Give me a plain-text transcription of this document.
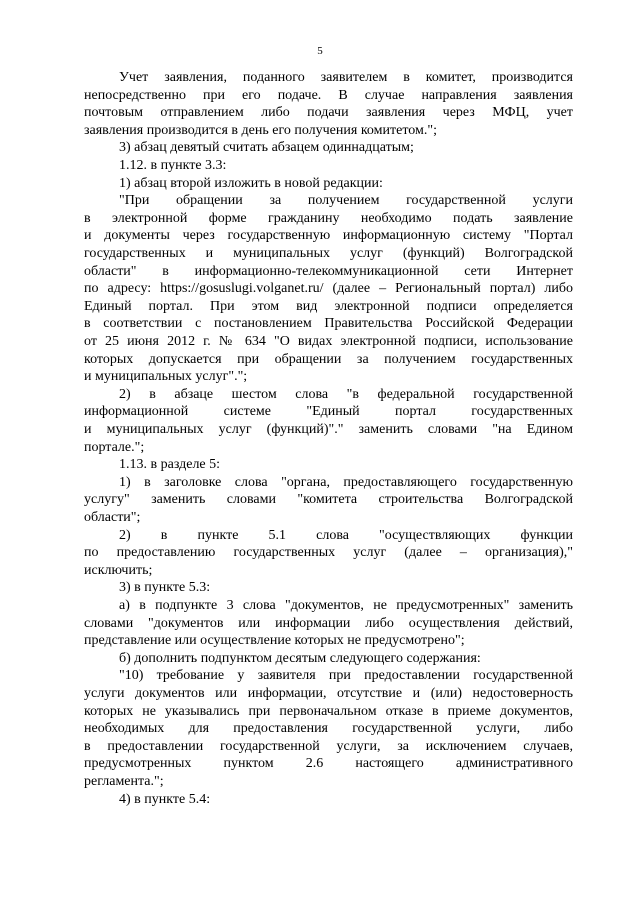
5
Учет заявления, поданного заявителем в комитет, производится
непосредственно при его подаче. В случае направления заявления
почтовым отправлением либо подачи заявления через МФЦ, учет
заявления производится в день его получения комитетом.";
3) абзац девятый считать абзацем одиннадцатым;
1.12. в пункте 3.3:
1) абзац второй изложить в новой редакции:
"При обращении за получением государственной услуги
в электронной форме гражданину необходимо подать заявление
и документы через государственную информационную систему "Портал
государственных и муниципальных услуг (функций) Волгоградской
области" в информационно-телекоммуникационной сети Интернет
по адресу: https://gosuslugi.volganet.ru/ (далее – Региональный портал) либо
Единый портал. При этом вид электронной подписи определяется
в соответствии с постановлением Правительства Российской Федерации
от 25 июня 2012 г. № 634 "О видах электронной подписи, использование
которых допускается при обращении за получением государственных
и муниципальных услуг".";
2) в абзаце шестом слова "в федеральной государственной
информационной системе "Единый портал государственных
и муниципальных услуг (функций)"." заменить словами "на Едином
портале.";
1.13. в разделе 5:
1) в заголовке слова "органа, предоставляющего государственную
услугу" заменить словами "комитета строительства Волгоградской
области";
2) в пункте 5.1 слова "осуществляющих функции
по предоставлению государственных услуг (далее – организация),"
исключить;
3) в пункте 5.3:
а) в подпункте 3 слова "документов, не предусмотренных" заменить
словами "документов или информации либо осуществления действий,
представление или осуществление которых не предусмотрено";
б) дополнить подпунктом десятым следующего содержания:
"10) требование у заявителя при предоставлении государственной
услуги документов или информации, отсутствие и (или) недостоверность
которых не указывались при первоначальном отказе в приеме документов,
необходимых для предоставления государственной услуги, либо
в предоставлении государственной услуги, за исключением случаев,
предусмотренных пунктом 2.6 настоящего административного
регламента.";
4) в пункте 5.4:
